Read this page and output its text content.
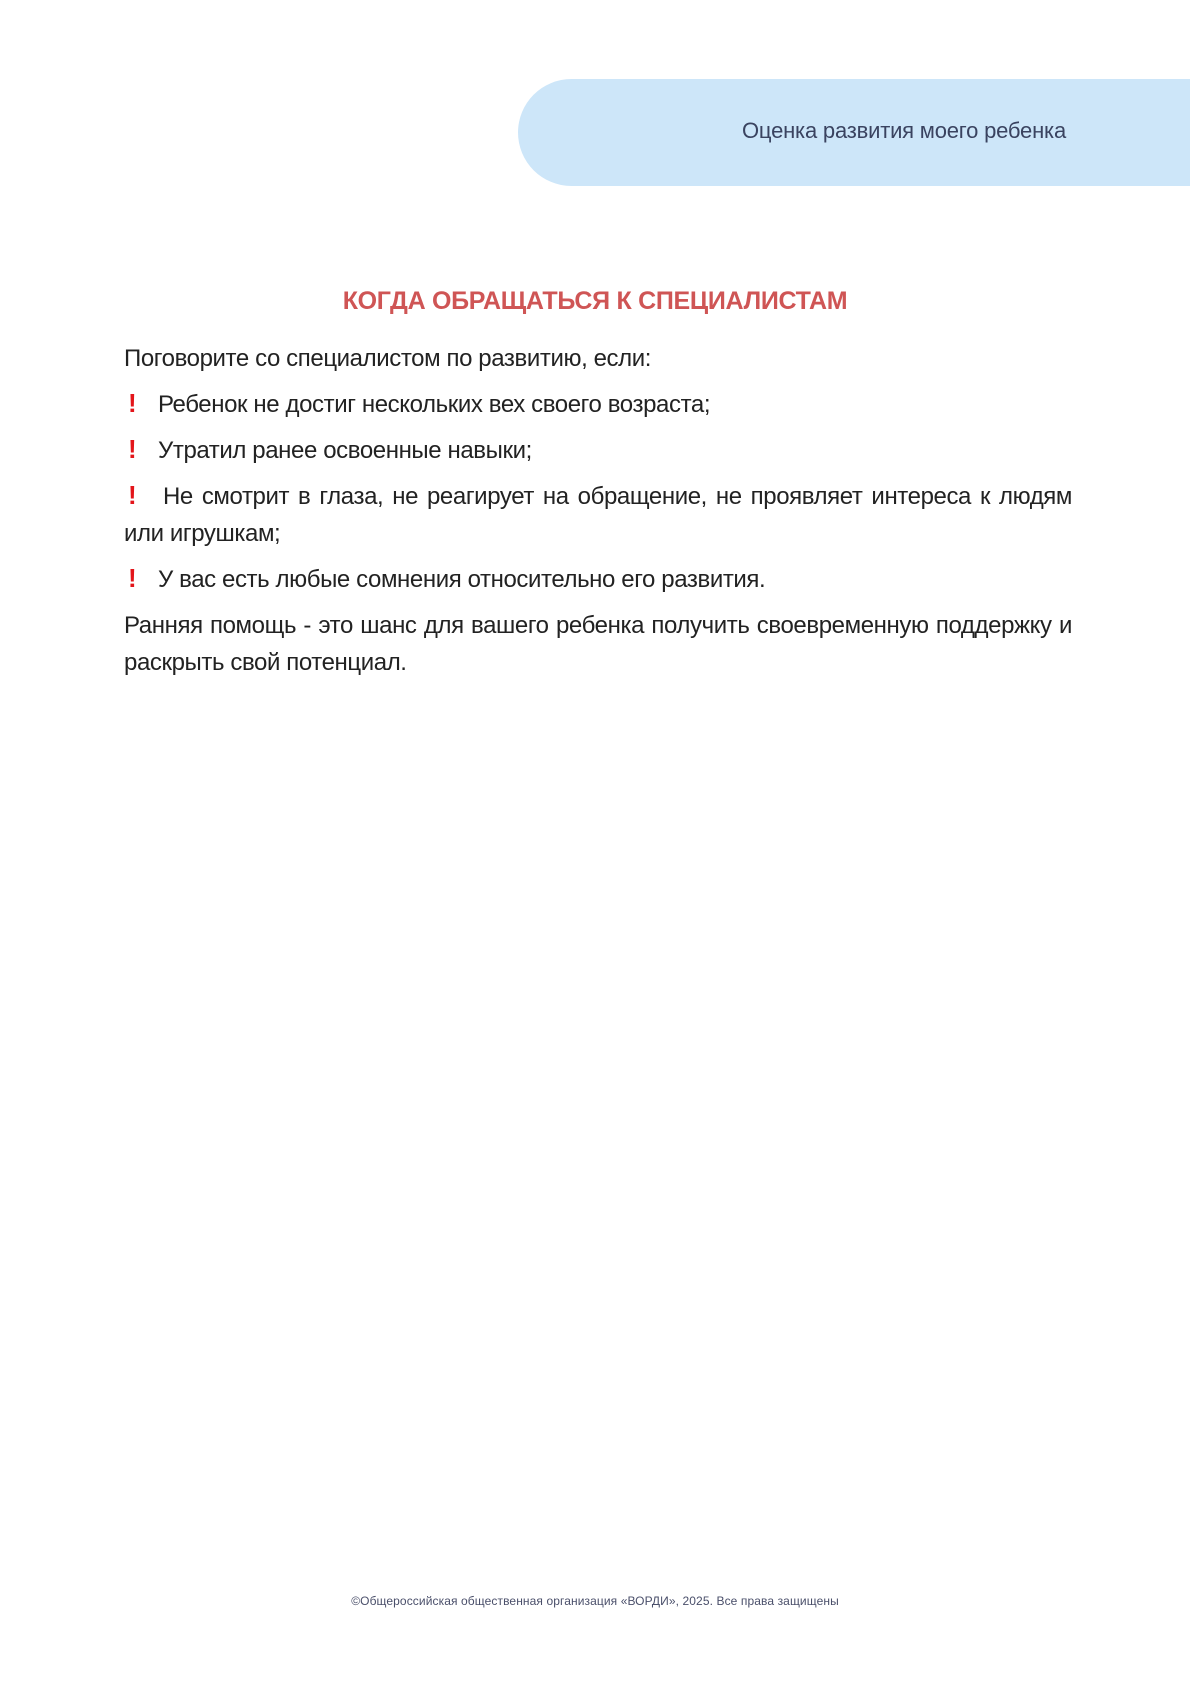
Оценка развития моего ребенка
КОГДА ОБРАЩАТЬСЯ К СПЕЦИАЛИСТАМ

Поговорите со специалистом по развитию, если:

! Ребенок не достиг нескольких вех своего возраста;
! Утратил ранее освоенные навыки;
! Не смотрит в глаза, не реагирует на обращение, не проявляет интереса к людям или игрушкам;
! У вас есть любые сомнения относительно его развития.

Ранняя помощь - это шанс для вашего ребенка получить своевременную поддержку и раскрыть свой потенциал.

©Общероссийская общественная организация «ВОРДИ», 2025. Все права защищены
